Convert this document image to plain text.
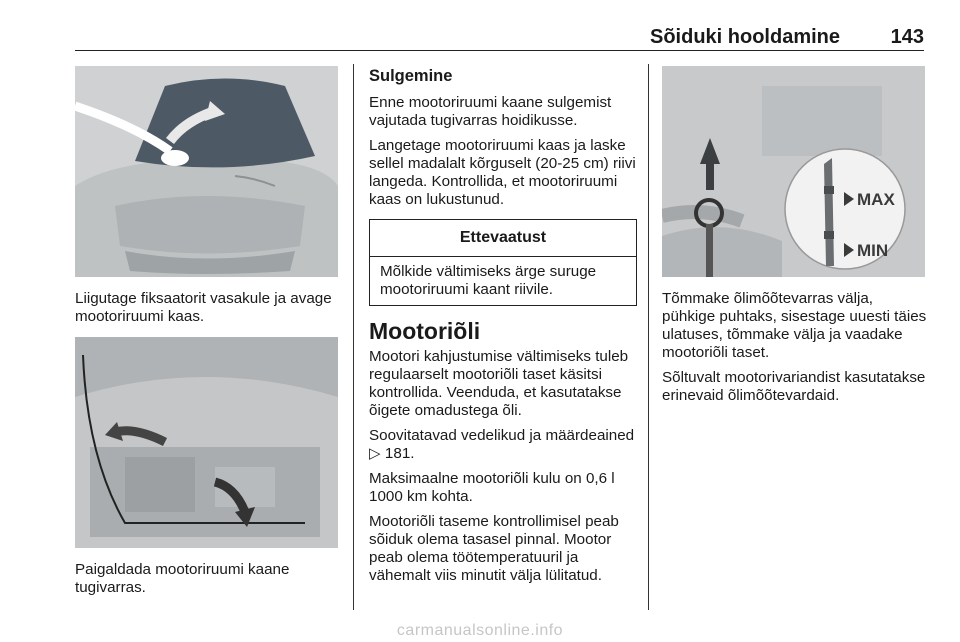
Sõiduki hooldamine	143
Liigutage fiksaatorit vasakule ja avage mootoriruumi kaas.
Paigaldada mootoriruumi kaane tugivarras.
Sulgemine

Enne mootoriruumi kaane sulgemist vajutada tugivarras hoidikusse.

Langetage mootoriruumi kaas ja laske sellel madalalt kõrguselt (20-25 cm) riivi langeda. Kontrollida, et mootoriruumi kaas on lukustunud.

Ettevaatust
Mõlkide vältimiseks ärge suruge mootoriruumi kaant riivile.
Mootoriõli

Mootori kahjustumise vältimiseks tuleb regulaarselt mootoriõli taset käsitsi kontrollida. Veenduda, et kasutatakse õigete omadustega õli.

Soovitatavad vedelikud ja määrdeained ▷ 181.

Maksimaalne mootoriõli kulu on 0,6 l 1000 km kohta.

Mootoriõli taseme kontrollimisel peab sõiduk olema tasasel pinnal. Mootor peab olema töötemperatuuril ja vähemalt viis minutit välja lülitatud.

MAX
MIN

Tõmmake õlimõõtevarras välja, pühkige puhtaks, sisestage uuesti täies ulatuses, tõmmake välja ja vaadake mootoriõli taset.

Sõltuvalt mootorivariandist kasutatakse erinevaid õlimõõtevardaid.

carmanualsonline.info
